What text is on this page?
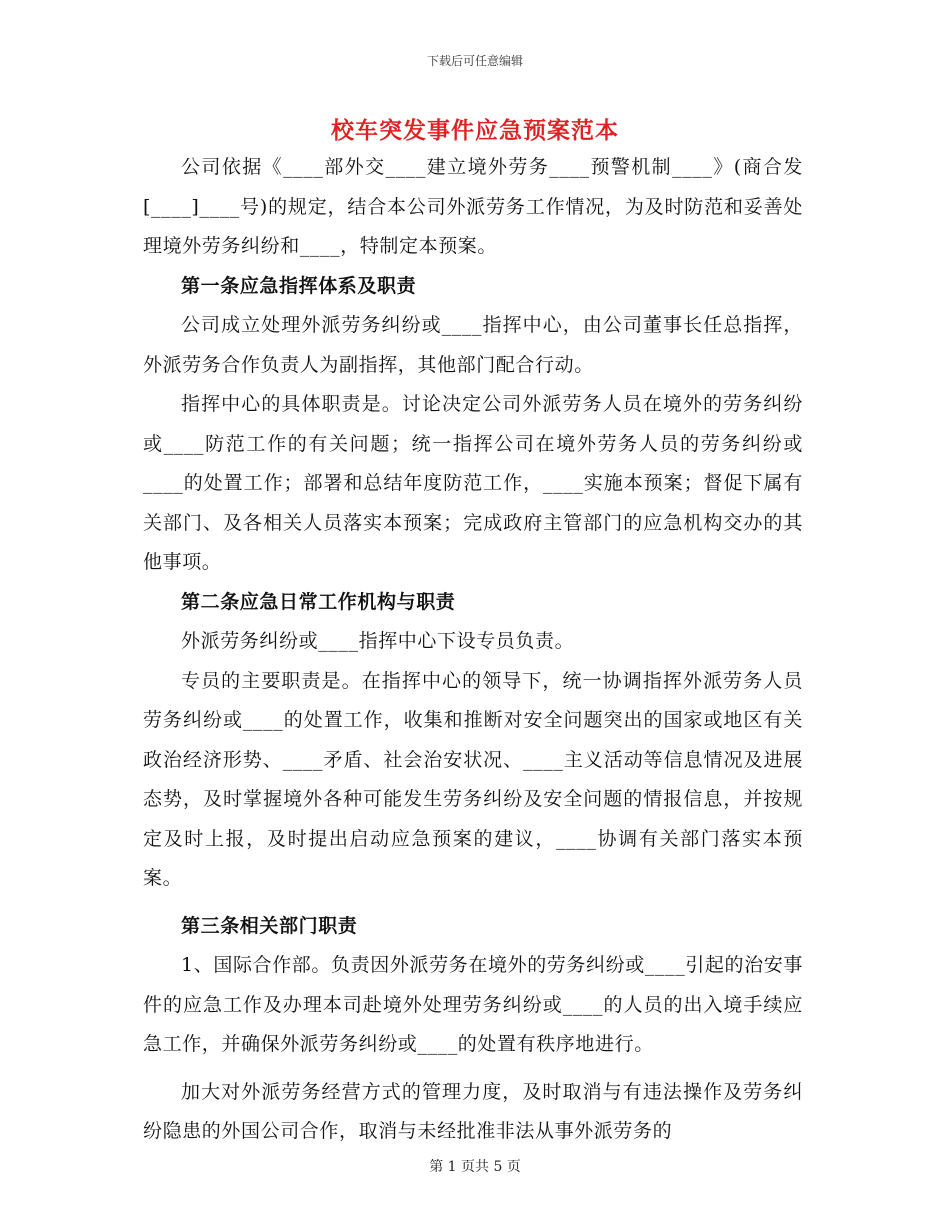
下载后可任意编辑
校车突发事件应急预案范本

公司依据《____部外交____建立境外劳务____预警机制____》(商合发[____]____号)的规定，结合本公司外派劳务工作情况，为及时防范和妥善处理境外劳务纠纷和____，特制定本预案。

第一条应急指挥体系及职责

公司成立处理外派劳务纠纷或____指挥中心，由公司董事长任总指挥，外派劳务合作负责人为副指挥，其他部门配合行动。

指挥中心的具体职责是。讨论决定公司外派劳务人员在境外的劳务纠纷或____防范工作的有关问题；统一指挥公司在境外劳务人员的劳务纠纷或____的处置工作；部署和总结年度防范工作，____实施本预案；督促下属有关部门、及各相关人员落实本预案；完成政府主管部门的应急机构交办的其他事项。

第二条应急日常工作机构与职责

外派劳务纠纷或____指挥中心下设专员负责。

专员的主要职责是。在指挥中心的领导下，统一协调指挥外派劳务人员劳务纠纷或____的处置工作，收集和推断对安全问题突出的国家或地区有关政治经济形势、____矛盾、社会治安状况、____主义活动等信息情况及进展态势，及时掌握境外各种可能发生劳务纠纷及安全问题的情报信息，并按规定及时上报，及时提出启动应急预案的建议，____协调有关部门落实本预案。

第三条相关部门职责

1、国际合作部。负责因外派劳务在境外的劳务纠纷或____引起的治安事件的应急工作及办理本司赴境外处理劳务纠纷或____的人员的出入境手续应急工作，并确保外派劳务纠纷或____的处置有秩序地进行。

加大对外派劳务经营方式的管理力度，及时取消与有违法操作及劳务纠纷隐患的外国公司合作，取消与未经批准非法从事外派劳务的

第 1 页共 5 页
